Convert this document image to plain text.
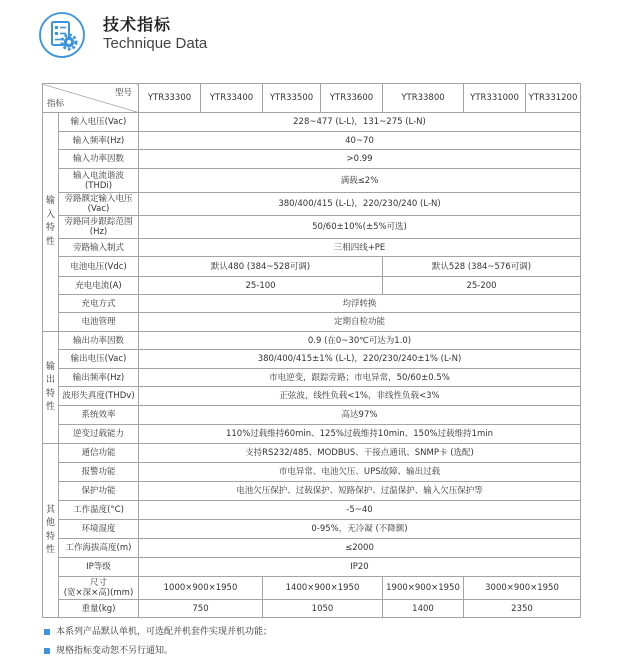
技术指标
Technique Data
型号
指标		YTR33300	YTR33400	YTR33500	YTR33600	YTR33800	YTR331000	YTR331200

输入特性	输入电压(Vac)	228~477 (L-L)，131~275 (L-N)						
	输入频率(Hz)	40~70						
	输入功率因数	>0.99						
	输入电流谐波
(THDi)	满载≤2%						
	旁路额定输入电压
(Vac)	380/400/415 (L-L)，220/230/240 (L-N)						
	旁路同步跟踪范围
(Hz)	50/60±10%(±5%可选)						
	旁路输入制式	三相四线+PE						
	电池电压(Vdc)	默认480 (384~528可调)				默认528 (384~576可调)		
	充电电流(A)	25-100				25-200		
	充电方式	均浮转换						
	电池管理	定期自检功能						

输出特性	输出功率因数	0.9 (在0~30℃可达为1.0)						
	输出电压(Vac)	380/400/415±1% (L-L)，220/230/240±1% (L-N)						
	输出频率(Hz)	市电逆变，跟踪旁路；市电异常，50/60±0.5%						
	波形失真度(THDv)	正弦波，线性负载<1%，非线性负载<3%						
	系统效率	高达97%						
	逆变过载能力	110%过载维持60min、125%过载维持10min、150%过载维持1min						

其他特性	通信功能	支持RS232/485、MODBUS、干接点通讯、SNMP卡 (选配)						
	报警功能	市电异常、电池欠压、UPS故障、输出过载						
	保护功能	电池欠压保护、过载保护、短路保护、过温保护、输入欠压保护等						
	工作温度(°C)	-5~40						
	环境湿度	0-95%，无冷凝 (不降额)						
	工作海拔高度(m)	≤2000						
	IP等级	IP20						
	尺寸
(宽×深×高)(mm)	1000×900×1950		1400×900×1950		1900×900×1950	3000×900×1950	
	重量(kg)	750		1050		1400	2350	
本系列产品默认单机，可选配并机套件实现并机功能；
规格指标变动恕不另行通知。
